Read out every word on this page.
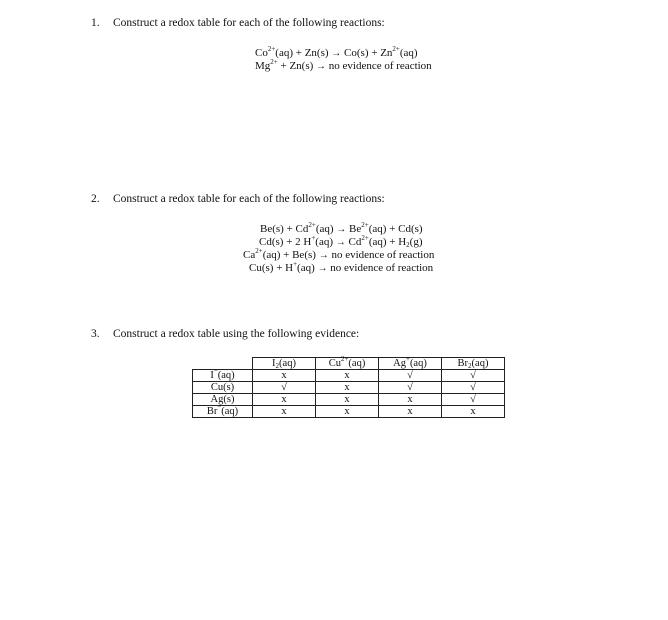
1. Construct a redox table for each of the following reactions:
$Co^{2+}(aq) + Zn(s) \to Co(s) + Zn^{2+}(aq)$
$Mg^{2+} + Zn(s)$ → no evidence of reaction
2. Construct a redox table for each of the following reactions:
$Be(s) + Cd^{2+}(aq) \to Be^{2+}(aq) + Cd(s)$
Cd(s) + 2 $H^+(aq) \to Cd^{2+}(aq) + H_2(g)$
$Ca^{2+}(aq) + Be(s)$ → no evidence of reaction
Cu(s) + H+(aq) → no evidence of reaction
3. Construct a redox table using the following evidence:
	$I_2(aq)$	$Cu^{2+}(aq)$	Ag+(aq)	$Br_2(aq)$
I−(aq)	x	x	√	√
Cu(s)	√	x	√	√
Ag(s)	x	x	x	√
Br−(aq)	x	x	x	x
